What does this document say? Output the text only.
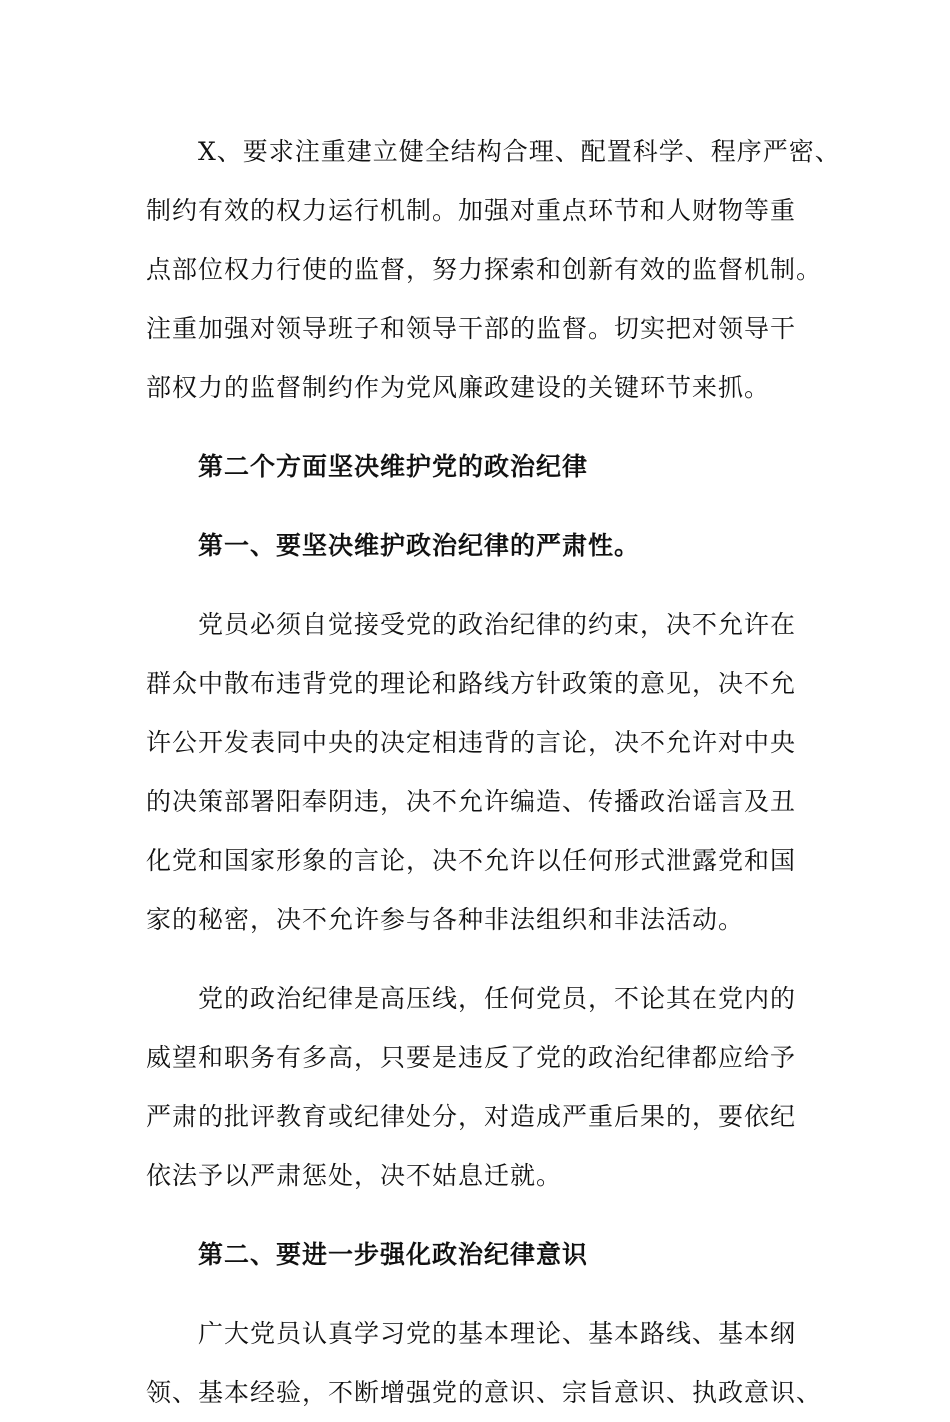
X、要求注重建立健全结构合理、配置科学、程序严密、
制约有效的权力运行机制。加强对重点环节和人财物等重
点部位权力行使的监督，努力探索和创新有效的监督机制。
注重加强对领导班子和领导干部的监督。切实把对领导干
部权力的监督制约作为党风廉政建设的关键环节来抓。
第二个方面坚决维护党的政治纪律
第一、要坚决维护政治纪律的严肃性。
党员必须自觉接受党的政治纪律的约束，决不允许在
群众中散布违背党的理论和路线方针政策的意见，决不允
许公开发表同中央的决定相违背的言论，决不允许对中央
的决策部署阳奉阴违，决不允许编造、传播政治谣言及丑
化党和国家形象的言论，决不允许以任何形式泄露党和国
家的秘密，决不允许参与各种非法组织和非法活动。
党的政治纪律是高压线，任何党员，不论其在党内的
威望和职务有多高，只要是违反了党的政治纪律都应给予
严肃的批评教育或纪律处分，对造成严重后果的，要依纪
依法予以严肃惩处，决不姑息迁就。
第二、要进一步强化政治纪律意识
广大党员认真学习党的基本理论、基本路线、基本纲
领、基本经验，不断增强党的意识、宗旨意识、执政意识、
